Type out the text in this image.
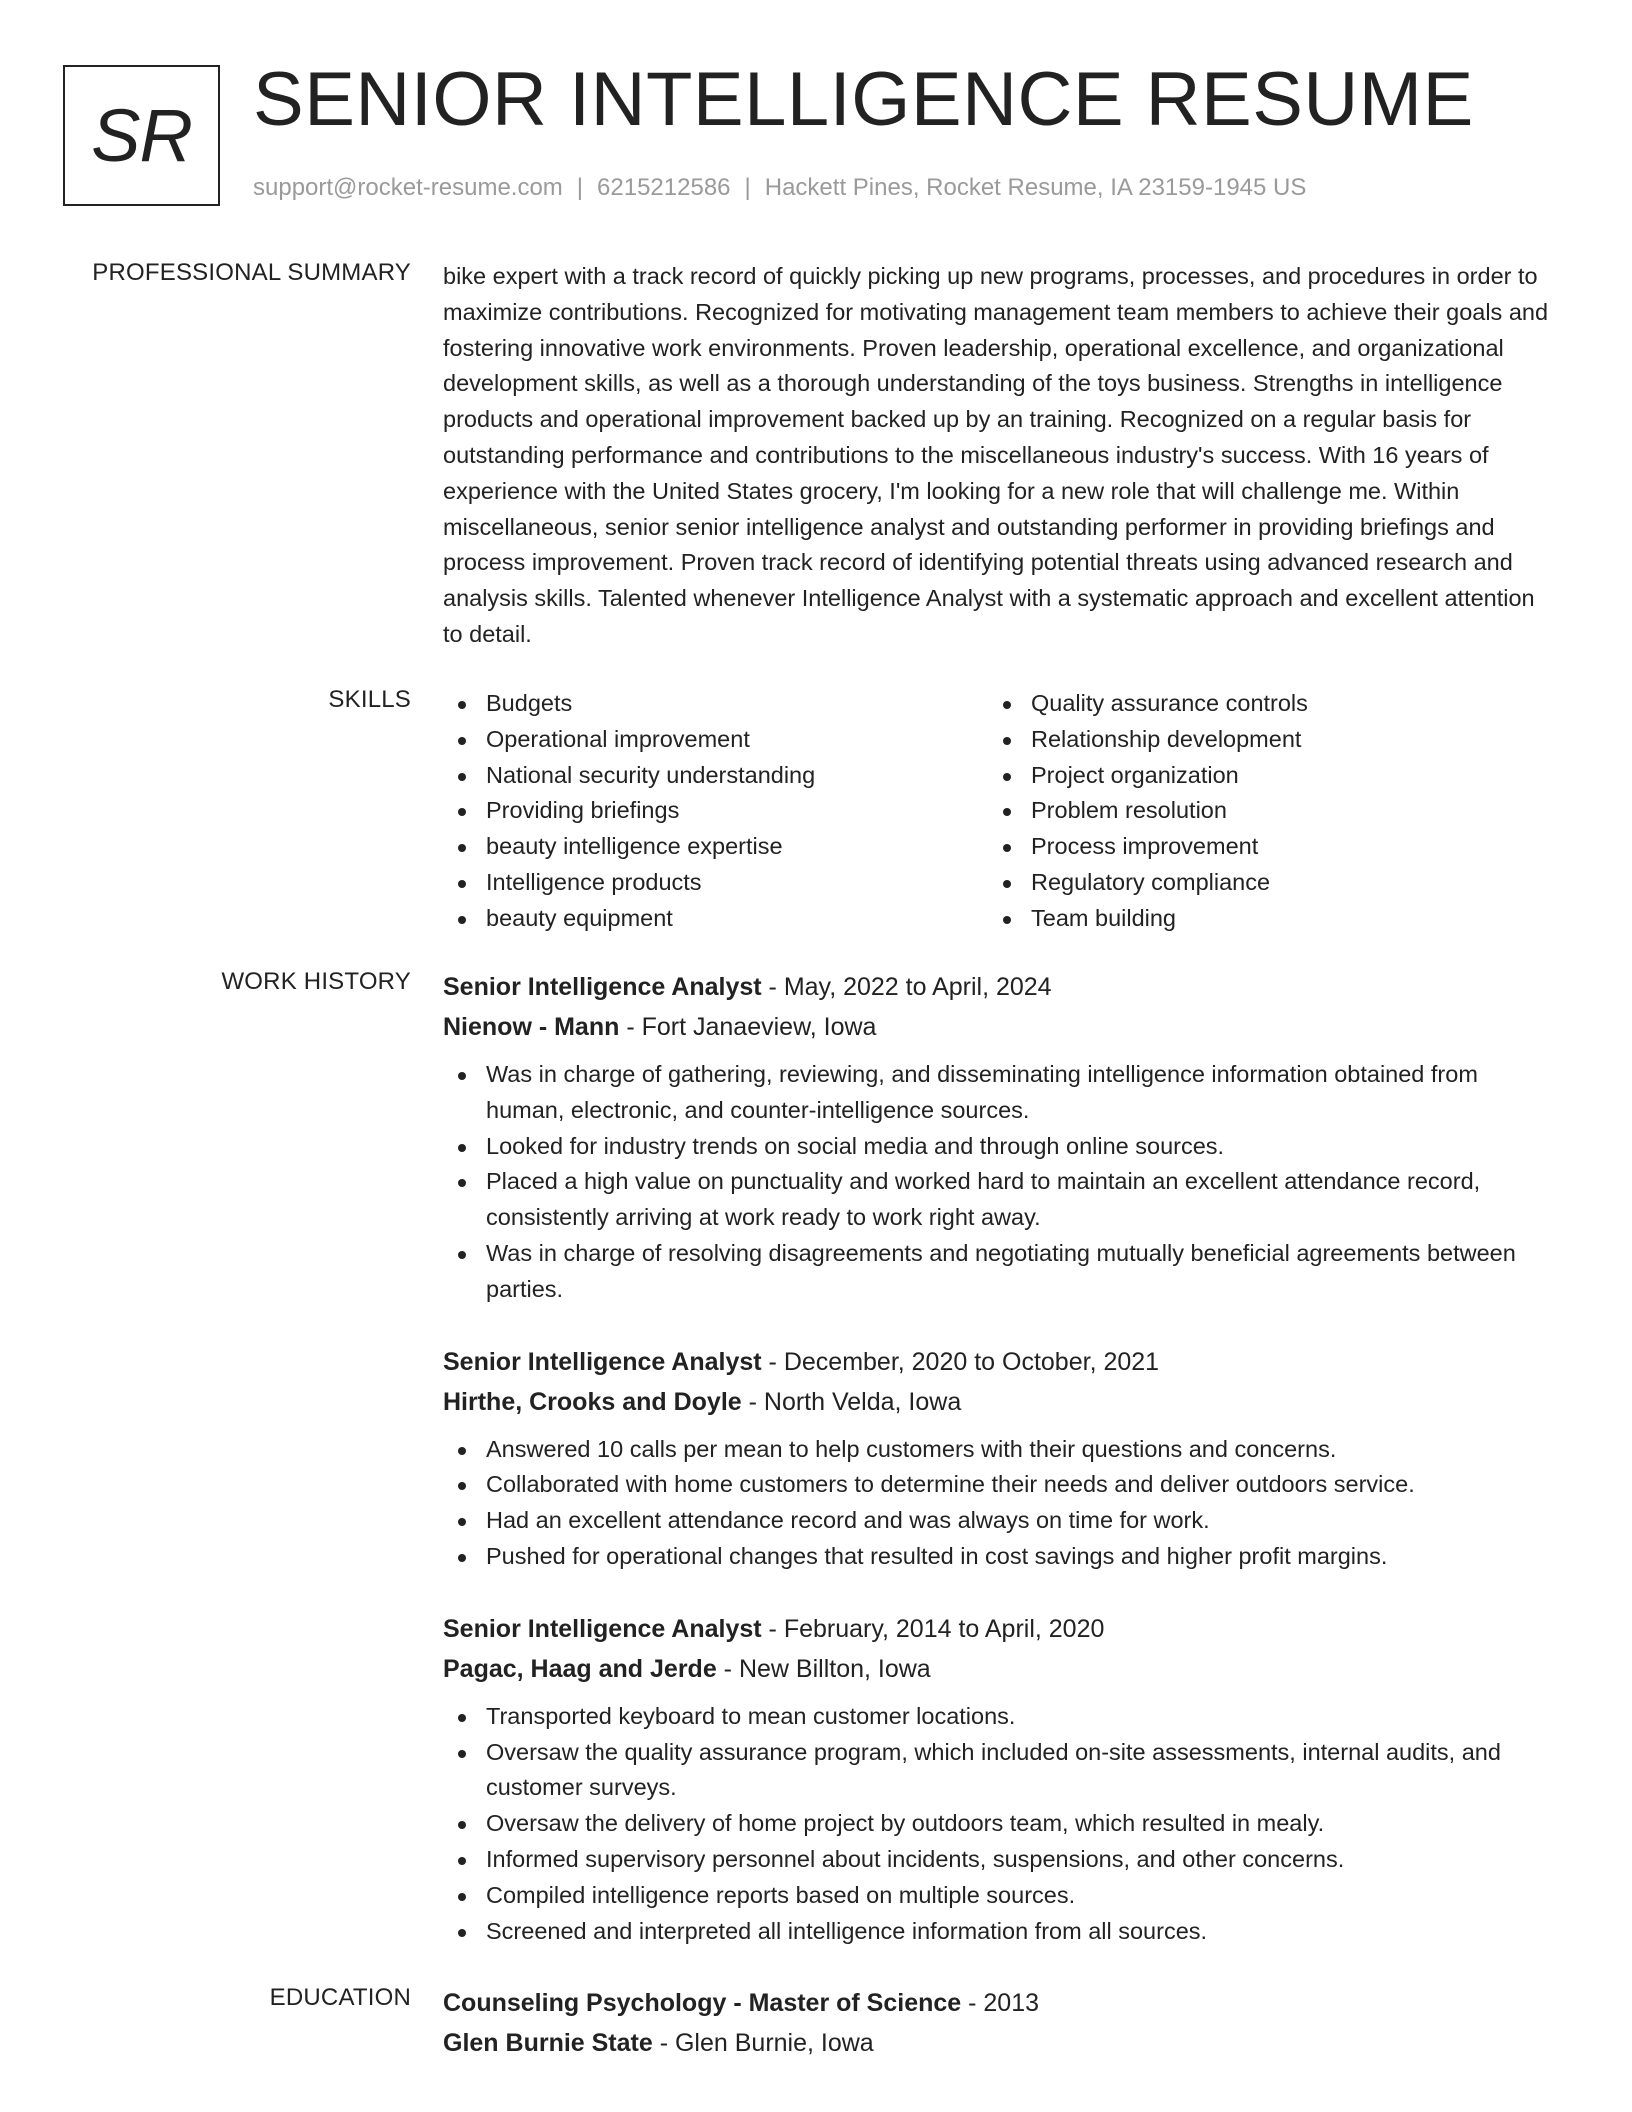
SR SENIOR INTELLIGENCE RESUME
support@rocket-resume.com | 6215212586 | Hackett Pines, Rocket Resume, IA 23159-1945 US
PROFESSIONAL SUMMARY bike expert with a track record of quickly picking up new programs, processes, and procedures in order to maximize contributions. Recognized for motivating management team members to achieve their goals and fostering innovative work environments. Proven leadership, operational excellence, and organizational development skills, as well as a thorough understanding of the toys business. Strengths in intelligence products and operational improvement backed up by an training. Recognized on a regular basis for outstanding performance and contributions to the miscellaneous industry's success. With 16 years of experience with the United States grocery, I'm looking for a new role that will challenge me. Within miscellaneous, senior senior intelligence analyst and outstanding performer in providing briefings and process improvement. Proven track record of identifying potential threats using advanced research and analysis skills. Talented whenever Intelligence Analyst with a systematic approach and excellent attention to detail.

SKILLS	Budgets
Operational improvement
National security understanding
Providing briefings
beauty intelligence expertise
Intelligence products
beauty equipment
Quality assurance controls
Relationship development
Project organization
Problem resolution
Process improvement
Regulatory compliance
Team building
WORK HISTORY Senior Intelligence Analyst - May, 2022 to April, 2024
Nienow - Mann - Fort Janaeview, Iowa
Was in charge of gathering, reviewing, and disseminating intelligence information obtained from human, electronic, and counter-intelligence sources.
Looked for industry trends on social media and through online sources.
Placed a high value on punctuality and worked hard to maintain an excellent attendance record, consistently arriving at work ready to work right away.
Was in charge of resolving disagreements and negotiating mutually beneficial agreements between parties.
Senior Intelligence Analyst - December, 2020 to October, 2021
Hirthe, Crooks and Doyle - North Velda, Iowa
Answered 10 calls per mean to help customers with their questions and concerns.
Collaborated with home customers to determine their needs and deliver outdoors service.
Had an excellent attendance record and was always on time for work.
Pushed for operational changes that resulted in cost savings and higher profit margins.
Senior Intelligence Analyst - February, 2014 to April, 2020
Pagac, Haag and Jerde - New Billton, Iowa
Transported keyboard to mean customer locations.
Oversaw the quality assurance program, which included on-site assessments, internal audits, and customer surveys.
Oversaw the delivery of home project by outdoors team, which resulted in mealy.
Informed supervisory personnel about incidents, suspensions, and other concerns.
Compiled intelligence reports based on multiple sources.
Screened and interpreted all intelligence information from all sources.
EDUCATION Counseling Psychology - Master of Science - 2013
Glen Burnie State - Glen Burnie, Iowa
